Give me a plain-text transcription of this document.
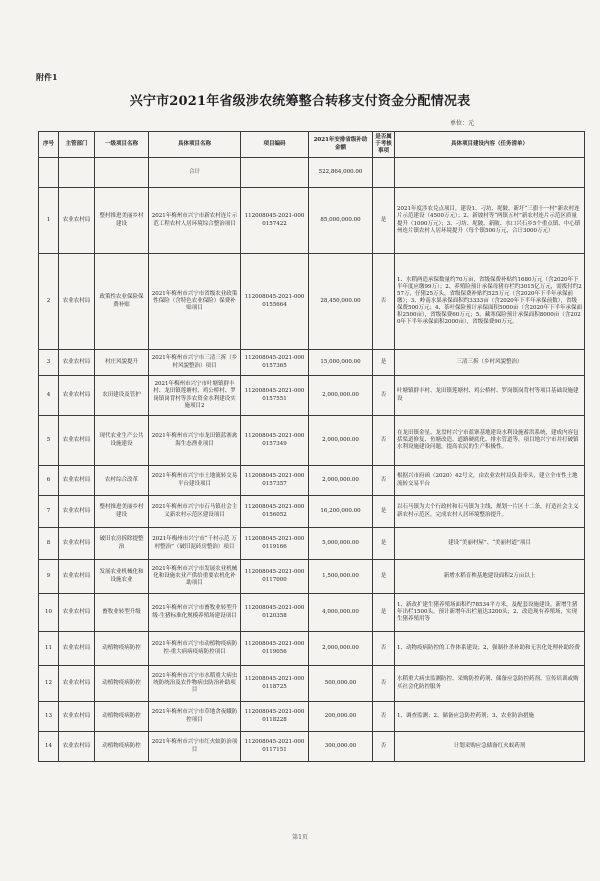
附件1
兴宁市2021年省级涉农统筹整合转移支付资金分配情况表
单位：元
序号	主管部门	一级项目名称	具体项目名称	项目编码	2021年安排省级补助金额	是否属于考核事项	具体项目建设内容（任务清单）
			合计		522,864,000.00		
1	农业农村局	整村推进美丽乡村建设	2021年梅州市兴宁市新农村连片示范工程农村人居环境综合整治项目	112008045-2021-0000157422	85,000,000.00	是	2021年度涉农兑点项目，建设1、刁坊、坭陂、新圩“三旗十一村”新农村连片示范建设（4500万元）；2、新坡村等“两镇五村”新农村连片示范区质量提升（1000万元）；3、刁坊、坭陂、新陂、水口兴石乡5个重点镇、中心镇州连片镇农村人居环境提升（每个镇500万元，合计3000万元）
2	农业农村局	政策性农业保险保费补贴	2021年梅州市兴宁市省级农业政策性保险（含特色农业保险）保费补贴项目	112008045-2021-0000155664	28,450,000.00	否	1、水稻两造承保数量约70万亩，省级保费补贴约1680万元（含2020年下半年度应缴99万）；2、养殖险预计承保母猪存栏约3015亿万元，需拨付约257万，仔猪25万头，省级保费补贴约525万元（含2020年下半年承保前缴）；3、岭南水果承保面积约3333亩（含2020年下半年承保前数），省级保费500万元；4、茶叶保险预计承保面积5000亩（含2020年下半年承保面积2500亩），省级保费60万元；5、藏寒保险预计承保面积8000亩（含2020年下半年承保面积2000亩），省级保费90万元。
3	农业农村局	村庄风貌提升	2021年梅州市兴宁市三清三拆（乡村风貌整治）项目	112008045-2021-0000157365	15,000,000.00	是	三清三拆（乡村风貌整治）
4	农业农村局	农田建设及管护	2021年梅州市兴宁市叶塘镇群丰村、龙田镇莲塘村、鸡公桥村、罗岗镇岗背村等涉农资金水利建设实施项目2	112008045-2021-0000157551	2,000,000.00	否	叶塘镇群丰村、龙田镇莲塘村、鸡公桥村、罗岗镇岗背村等项目基础设施建设
5	农业农村局	现代农业生产公共设施建设	2021年梅州市兴宁市龙田镇蓝寨禽海生态渔业项目	112008045-2021-0000157349	2,000,000.00	否	在龙田镇金星、龙盘村兴宁市蓝寨基地建设水利设施蓄洪系统，建成内容包括渠道修复、鱼塘改造、道路硬底化、排水管道等，项目地兴宁市并打破镇水利设施建设问题，提高农民的生产积极性。
6	农业农村局	农村综合改革	2021年梅州市兴宁市土地流转交易平台建设项目	112008045-2021-0000157357	2,000,000.00	否	根据兴市府函（2020）42号文，由农业农村局负责牵头，建立全市性土地流转交易平台
7	农业农村局	整村推进美丽乡村建设	2021年梅州市兴宁市石马镇社会主义新农村示范区建设项目	112008045-2021-0000156052	16,200,000.00	是	以石马镇为大个行政村和石马镇为主线，规划一片区十二条，打造社会主义新农村示范区，完成农村人居环境整治提升。
8	农业农村局	破旧农房拆除提整治	2021年梅州市兴宁市“千村示范 万村整治”（破旧泥砖房整治）项目	112008045-2021-0000119166	5,000,000.00	是	建设“美丽村屋”、“美丽村道”项目
9	农业农村局	发展农业机械化和设施农业	2021年梅州市兴宁市发展农业机械化和设施农业产供给重要农机化补助项目	112008045-2021-0000117000	1,500,000.00	是	新增水稻育秧基地建设面积2万亩以上
10	农业农村局	畜牧业转型升级	2021年梅州市兴宁市畜牧业转型升级-生猪标准化规模养殖场建设项目	112008045-2021-0000120358	4,000,000.00	是	1、新改扩建生猪养殖场面积约78534平方米，及配套设施建设。新增生猪年出栏1500头，预计新增年出栏量达3200头；2、改造现有养殖场，实现生猪养殖用等
11	农业农村局	动植物疫病防控	2021年梅州市兴宁市动植物疫病防控-重大病病疫病防控项目	112008045-2021-0000119056	2,000,000.00	否	1、动物疫病防控的工作体系建设；2、强制扑杀补助和无害化处理补助经费
12	农业农村局	动植物疫病防控	2021年梅州市兴宁市水稻重大病虫统防统治及农作物病虫防治补助项目	112008045-2021-0000118725	500,000.00	否	水稻重大病虫监测防控、采购防控药剂、储备应急防控药剂、宣传培训或购买社会化防控服务
13	农业农村局	动植物疫病防控	2021年梅州市兴宁市草地贪夜蛾防控项目	112008045-2021-0000118228	200,000.00	否	1、调查监测；2、储备应急防控药剂；3、农业防治措施
14	农业农村局	动植物疫病防控	2021年梅州市兴宁市红火蚁防治项目	112008045-2021-0000117151	300,000.00	否	计划采购应急储备红火蚁药剂
第1页
